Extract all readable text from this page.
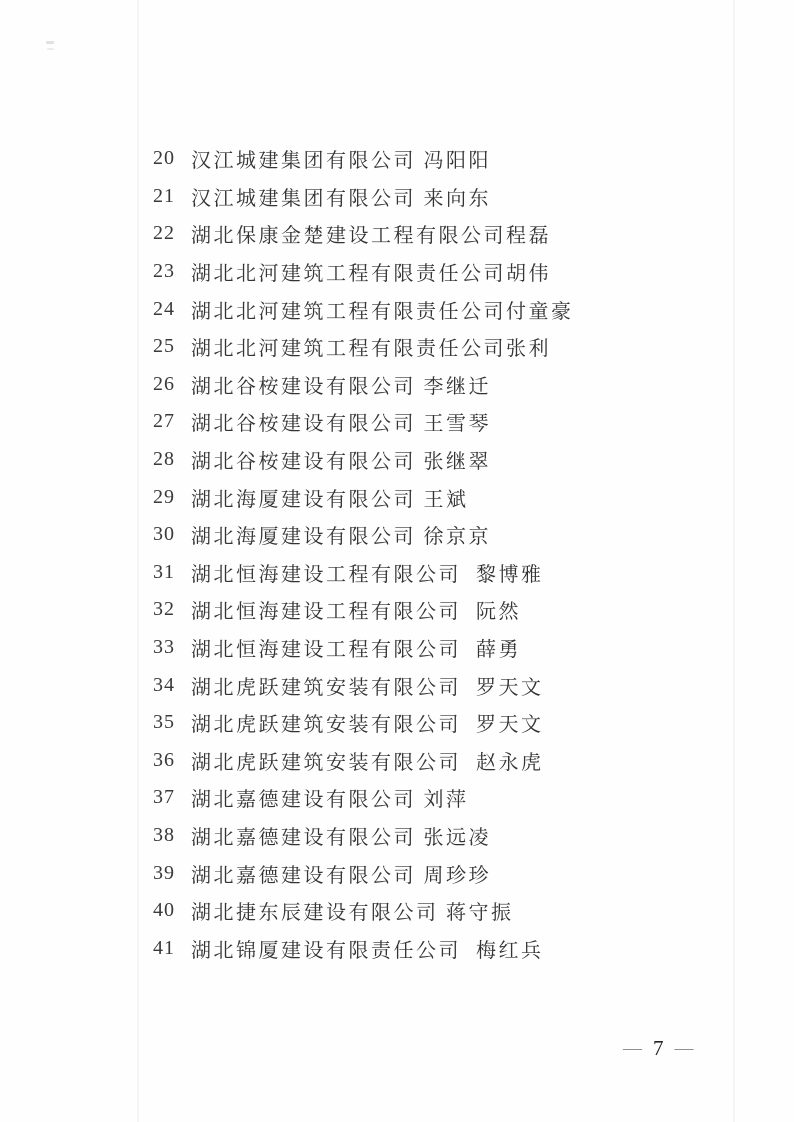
20 汉江城建集团有限公司 冯阳阳
21 汉江城建集团有限公司 来向东
22 湖北保康金楚建设工程有限公司程磊
23 湖北北河建筑工程有限责任公司胡伟
24 湖北北河建筑工程有限责任公司付童豪
25 湖北北河建筑工程有限责任公司张利
26 湖北谷桉建设有限公司 李继迁
27 湖北谷桉建设有限公司 王雪琴
28 湖北谷桉建设有限公司 张继翠
29 湖北海厦建设有限公司 王斌
30 湖北海厦建设有限公司 徐京京
31 湖北恒海建设工程有限公司  黎博雅
32 湖北恒海建设工程有限公司  阮然
33 湖北恒海建设工程有限公司  薛勇
34 湖北虎跃建筑安装有限公司  罗天文
35 湖北虎跃建筑安装有限公司  罗天文
36 湖北虎跃建筑安装有限公司  赵永虎
37 湖北嘉德建设有限公司 刘萍
38 湖北嘉德建设有限公司 张远凌
39 湖北嘉德建设有限公司 周珍珍
40 湖北捷东辰建设有限公司 蒋守振
41 湖北锦厦建设有限责任公司  梅红兵
— 7 —
